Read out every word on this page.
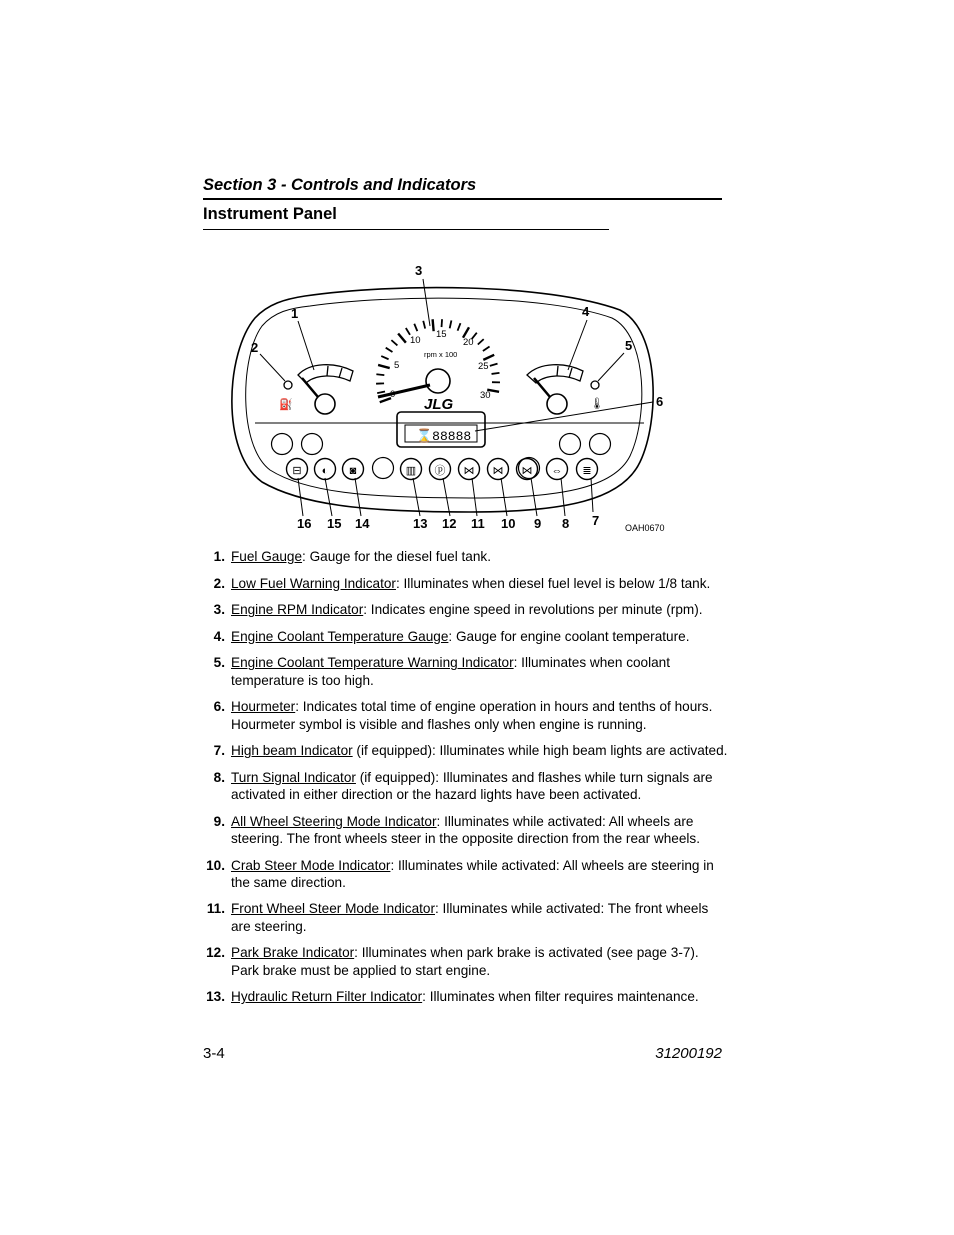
Section 3 - Controls and Indicators
Instrument Panel
0
5
10
15
20
25
30
rpm x 100
JLG
⛽	🌡
⌛88888
⊟ ◐ ◙	▥ ⓟ ⋈ ⋈ ⋈ ⇔ ≣
1
2
3
4
5
6
7
8
9
10
11
12
13
14
15
16	OAH0670
1. Fuel Gauge: Gauge for the diesel fuel tank.
2. Low Fuel Warning Indicator: Illuminates when diesel fuel level is below 1/8 tank.
3. Engine RPM Indicator: Indicates engine speed in revolutions per minute (rpm).
4. Engine Coolant Temperature Gauge: Gauge for engine coolant temperature.
5. Engine Coolant Temperature Warning Indicator: Illuminates when coolant temperature is too high.
6. Hourmeter: Indicates total time of engine operation in hours and tenths of hours. Hourmeter symbol is visible and flashes only when engine is running.
7. High beam Indicator (if equipped): Illuminates while high beam lights are activated.
8. Turn Signal Indicator (if equipped): Illuminates and flashes while turn signals are activated in either direction or the hazard lights have been activated.
9. All Wheel Steering Mode Indicator: Illuminates while activated: All wheels are steering. The front wheels steer in the opposite direction from the rear wheels.
10. Crab Steer Mode Indicator: Illuminates while activated: All wheels are steering in the same direction.
11. Front Wheel Steer Mode Indicator: Illuminates while activated: The front wheels are steering.
12. Park Brake Indicator: Illuminates when park brake is activated (see page 3-7). Park brake must be applied to start engine.
13. Hydraulic Return Filter Indicator: Illuminates when filter requires maintenance.
3-4	31200192
